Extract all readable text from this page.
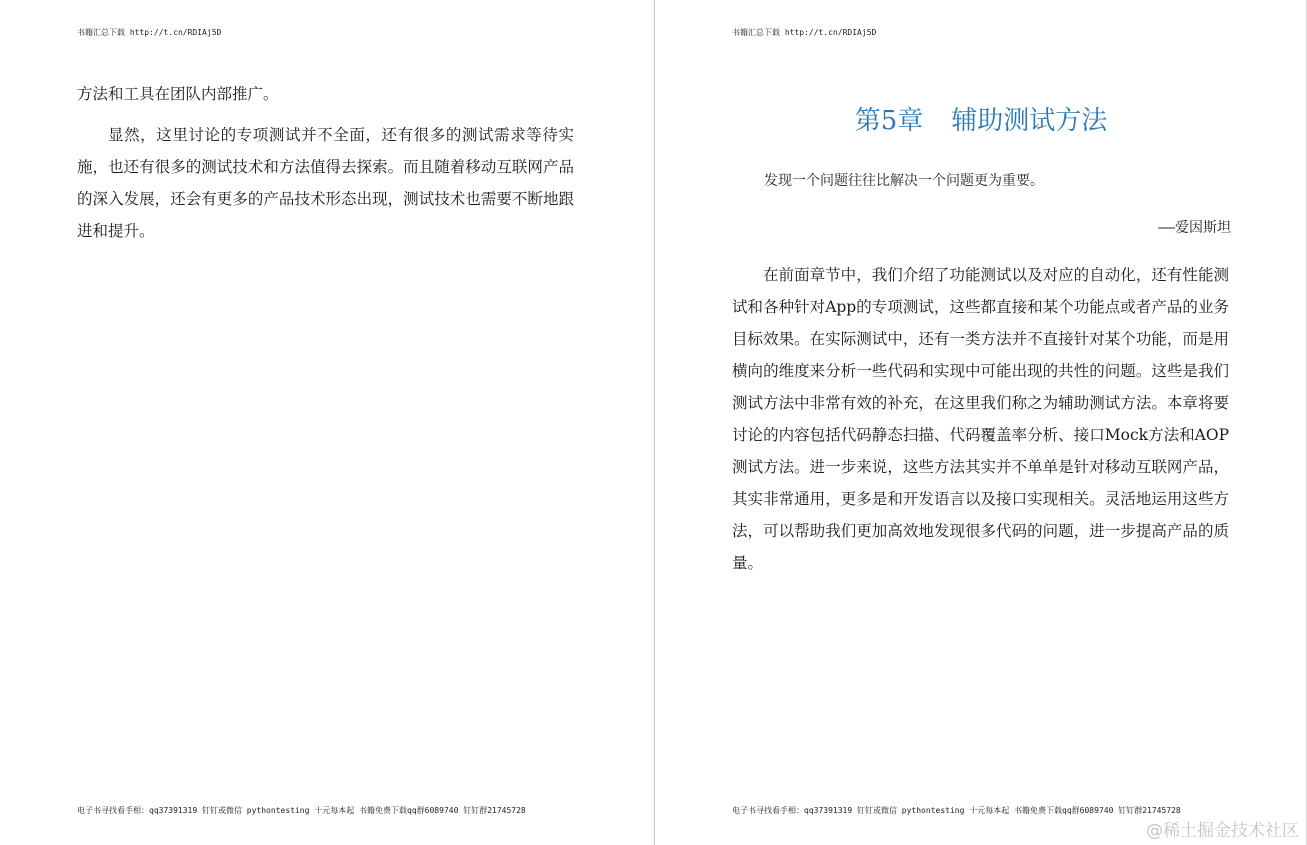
书籍汇总下载 http://t.cn/RDIAj5D

方法和工具在团队内部推广。

显然，这里讨论的专项测试并不全面，还有很多的测试需求等待实施，也还有很多的测试技术和方法值得去探索。而且随着移动互联网产品的深入发展，还会有更多的产品技术形态出现，测试技术也需要不断地跟进和提升。

电子书寻找看手相：qq37391319 钉钉或微信 pythontesting 十元每本起 书籍免费下载qq群6089740 钉钉群21745728
书籍汇总下载 http://t.cn/RDIAj5D
第5章 辅助测试方法
发现一个问题往往比解决一个问题更为重要。
——爱因斯坦

在前面章节中，我们介绍了功能测试以及对应的自动化，还有性能测试和各种针对App的专项测试，这些都直接和某个功能点或者产品的业务目标效果。在实际测试中，还有一类方法并不直接针对某个功能，而是用横向的维度来分析一些代码和实现中可能出现的共性的问题。这些是我们测试方法中非常有效的补充，在这里我们称之为辅助测试方法。本章将要讨论的内容包括代码静态扫描、代码覆盖率分析、接口Mock方法和AOP测试方法。进一步来说，这些方法其实并不单单是针对移动互联网产品，其实非常通用，更多是和开发语言以及接口实现相关。灵活地运用这些方法，可以帮助我们更加高效地发现很多代码的问题，进一步提高产品的质量。

电子书寻找看手相：qq37391319 钉钉或微信 pythontesting 十元每本起 书籍免费下载qq群6089740 钉钉群21745728
@稀土掘金技术社区
